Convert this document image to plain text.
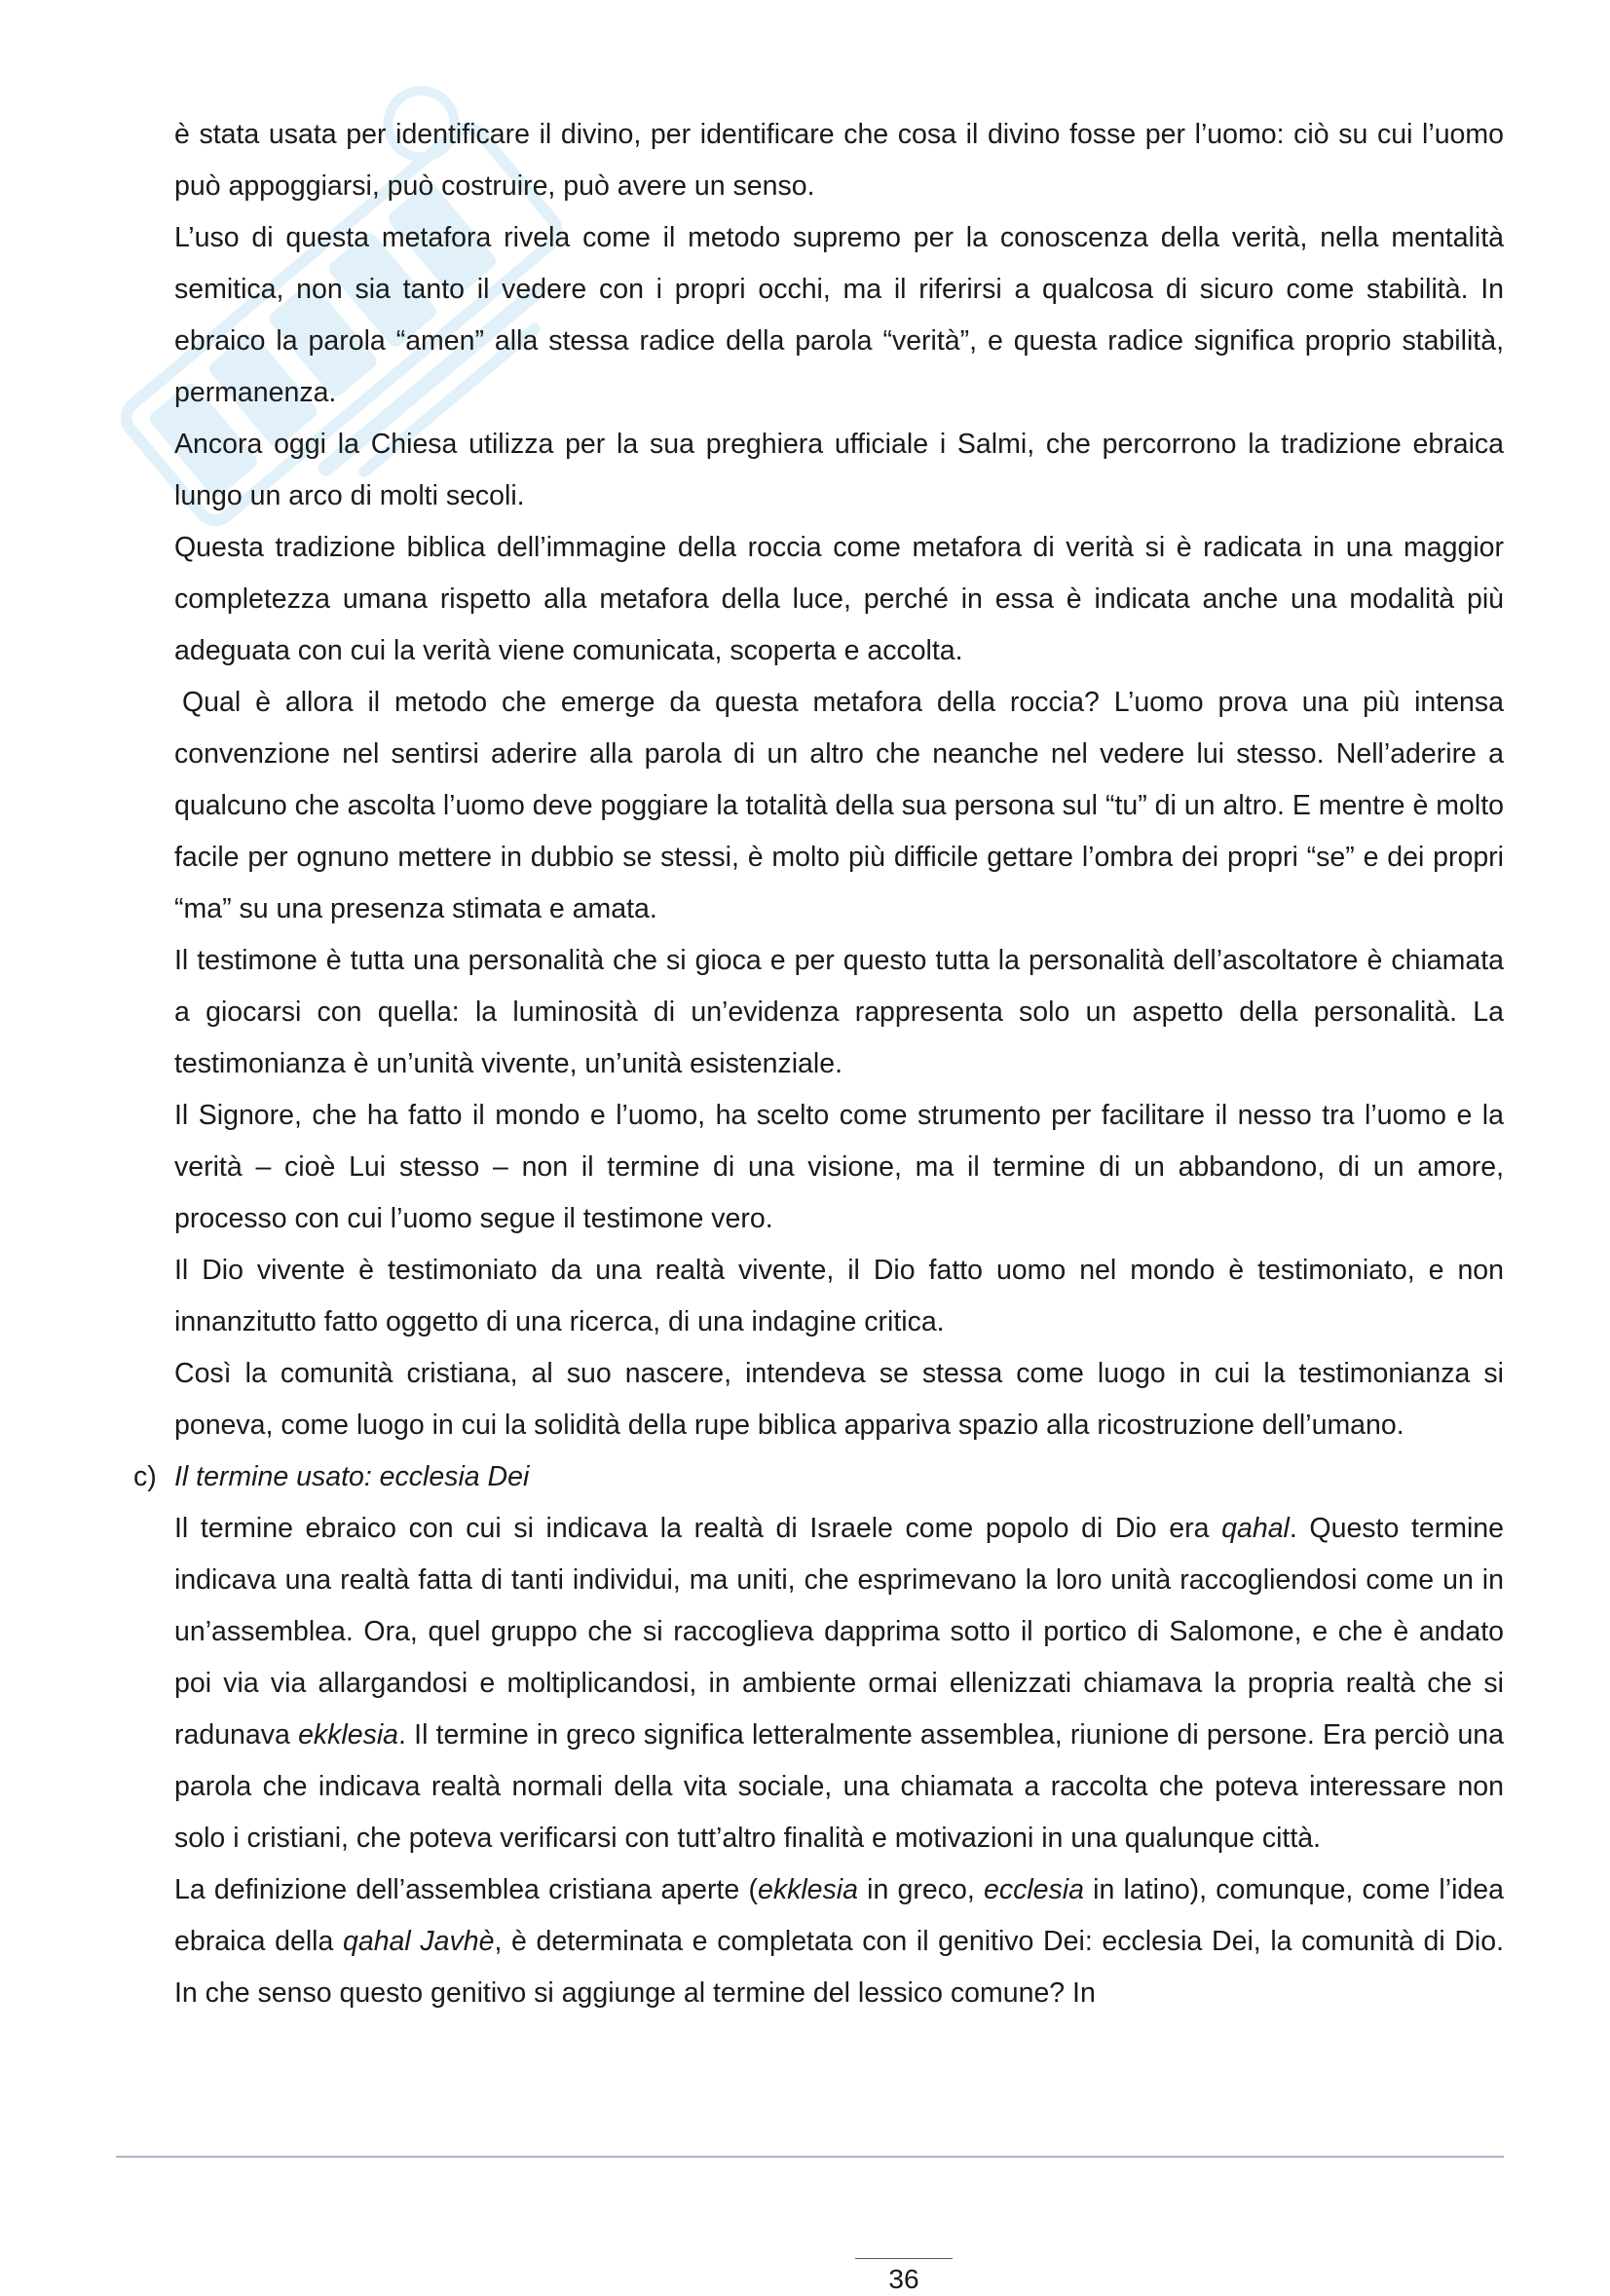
è stata usata per identificare il divino, per identificare che cosa il divino fosse per l’uomo: ciò su cui l’uomo può appoggiarsi, può costruire, può avere un senso.

L’uso di questa metafora rivela come il metodo supremo per la conoscenza della verità, nella mentalità semitica, non sia tanto il vedere con i propri occhi, ma il riferirsi a qualcosa di sicuro come stabilità. In ebraico la parola “amen” alla stessa radice della parola “verità”, e questa radice significa proprio stabilità, permanenza.

Ancora oggi la Chiesa utilizza per la sua preghiera ufficiale i Salmi, che percorrono la tradizione ebraica lungo un arco di molti secoli.

Questa tradizione biblica dell’immagine della roccia come metafora di verità si è radicata in una maggior completezza umana rispetto alla metafora della luce, perché in essa è indicata anche una modalità più adeguata con cui la verità viene comunicata, scoperta e accolta.

Qual è allora il metodo che emerge da questa metafora della roccia? L’uomo prova una più intensa convenzione nel sentirsi aderire alla parola di un altro che neanche nel vedere lui stesso. Nell’aderire a qualcuno che ascolta l’uomo deve poggiare la totalità della sua persona sul “tu” di un altro. E mentre è molto facile per ognuno mettere in dubbio se stessi, è molto più difficile gettare l’ombra dei propri “se” e dei propri “ma” su una presenza stimata e amata.

Il testimone è tutta una personalità che si gioca e per questo tutta la personalità dell’ascoltatore è chiamata a giocarsi con quella: la luminosità di un’evidenza rappresenta solo un aspetto della personalità. La testimonianza è un’unità vivente, un’unità esistenziale.

Il Signore, che ha fatto il mondo e l’uomo, ha scelto come strumento per facilitare il nesso tra l’uomo e la verità – cioè Lui stesso – non il termine di una visione, ma il termine di un abbandono, di un amore, processo con cui l’uomo segue il testimone vero.

Il Dio vivente è testimoniato da una realtà vivente, il Dio fatto uomo nel mondo è testimoniato, e non innanzitutto fatto oggetto di una ricerca, di una indagine critica.

Così la comunità cristiana, al suo nascere, intendeva se stessa come luogo in cui la testimonianza si poneva, come luogo in cui la solidità della rupe biblica appariva spazio alla ricostruzione dell’umano.

c) Il termine usato: ecclesia Dei

Il termine ebraico con cui si indicava la realtà di Israele come popolo di Dio era qahal. Questo termine indicava una realtà fatta di tanti individui, ma uniti, che esprimevano la loro unità raccogliendosi come un in un’assemblea. Ora, quel gruppo che si raccoglieva dapprima sotto il portico di Salomone, e che è andato poi via via allargandosi e moltiplicandosi, in ambiente ormai ellenizzati chiamava la propria realtà che si radunava ekklesia. Il termine in greco significa letteralmente assemblea, riunione di persone. Era perciò una parola che indicava realtà normali della vita sociale, una chiamata a raccolta che poteva interessare non solo i cristiani, che poteva verificarsi con tutt’altro finalità e motivazioni in una qualunque città.

La definizione dell’assemblea cristiana aperte (ekklesia in greco, ecclesia in latino), comunque, come l’idea ebraica della qahal Javhè, è determinata e completata con il genitivo Dei: ecclesia Dei, la comunità di Dio. In che senso questo genitivo si aggiunge al termine del lessico comune? In

36
